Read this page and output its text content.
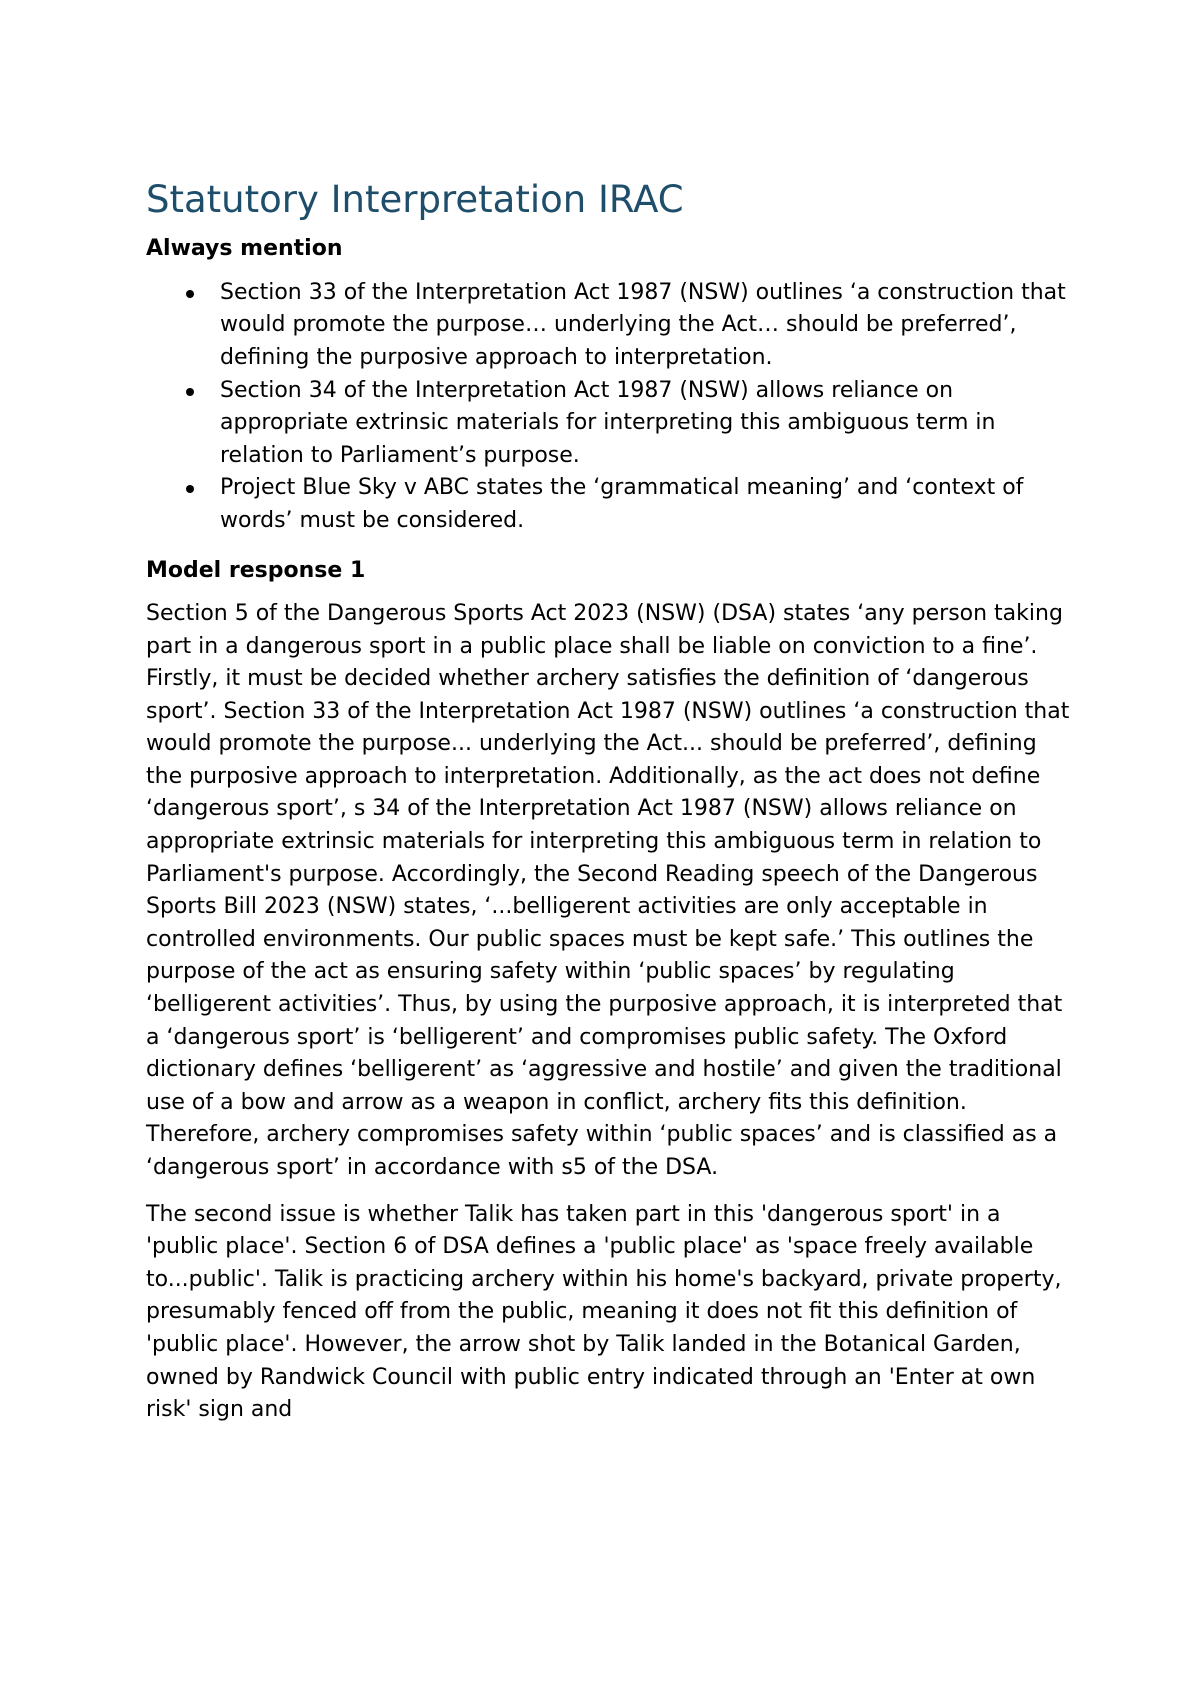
Statutory Interpretation IRAC
Always mention
Section 33 of the Interpretation Act 1987 (NSW) outlines ‘a construction that would promote the purpose… underlying the Act… should be preferred’, defining the purposive approach to interpretation.
Section 34 of the Interpretation Act 1987 (NSW) allows reliance on appropriate extrinsic materials for interpreting this ambiguous term in relation to Parliament’s purpose.
Project Blue Sky v ABC states the ‘grammatical meaning’ and ‘context of words’ must be considered.
Model response 1

Section 5 of the Dangerous Sports Act 2023 (NSW) (DSA) states ‘any person taking part in a dangerous sport in a public place shall be liable on conviction to a fine’. Firstly, it must be decided whether archery satisfies the definition of ‘dangerous sport’. Section 33 of the Interpretation Act 1987 (NSW) outlines ‘a construction that would promote the purpose... underlying the Act... should be preferred’, defining the purposive approach to interpretation. Additionally, as the act does not define ‘dangerous sport’, s 34 of the Interpretation Act 1987 (NSW) allows reliance on appropriate extrinsic materials for interpreting this ambiguous term in relation to Parliament's purpose. Accordingly, the Second Reading speech of the Dangerous Sports Bill 2023 (NSW) states, ‘...belligerent activities are only acceptable in controlled environments. Our public spaces must be kept safe.’ This outlines the purpose of the act as ensuring safety within ‘public spaces’ by regulating ‘belligerent activities’. Thus, by using the purposive approach, it is interpreted that a ‘dangerous sport’ is ‘belligerent’ and compromises public safety. The Oxford dictionary defines ‘belligerent’ as ‘aggressive and hostile’ and given the traditional use of a bow and arrow as a weapon in conflict, archery fits this definition. Therefore, archery compromises safety within ‘public spaces’ and is classified as a ‘dangerous sport’ in accordance with s5 of the DSA.

The second issue is whether Talik has taken part in this 'dangerous sport' in a 'public place'. Section 6 of DSA defines a 'public place' as 'space freely available to...public'. Talik is practicing archery within his home's backyard, private property, presumably fenced off from the public, meaning it does not fit this definition of 'public place'. However, the arrow shot by Talik landed in the Botanical Garden, owned by Randwick Council with public entry indicated through an 'Enter at own risk' sign and
